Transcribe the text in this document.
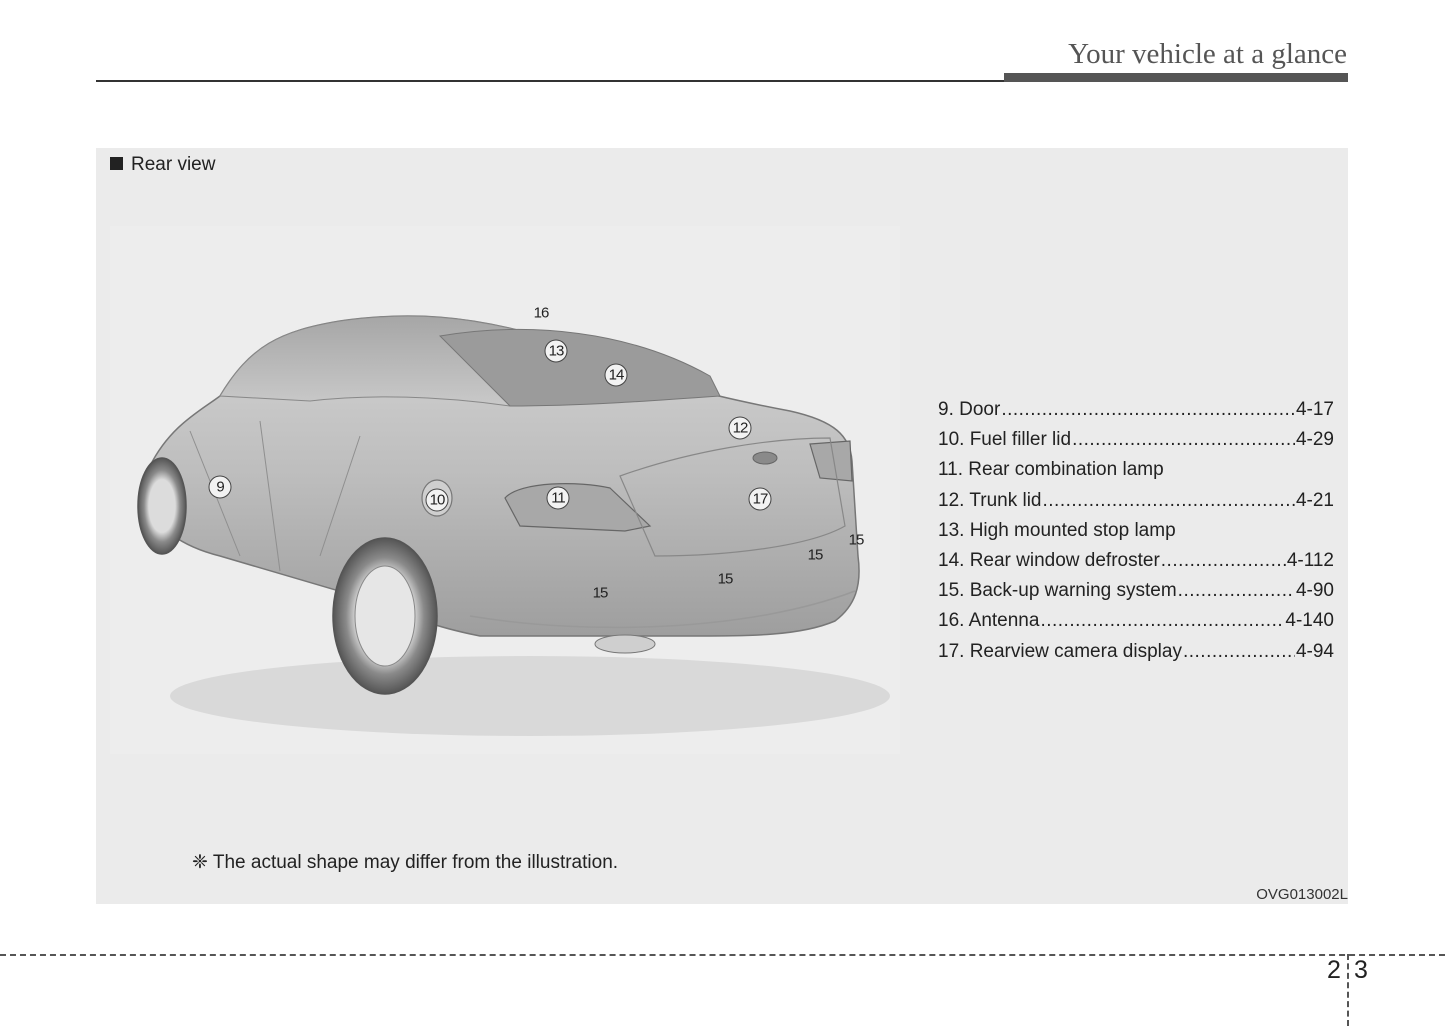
Your vehicle at a glance
Rear view
9
10	11
12
13
14
15
15
15
15
16
17
9. Door .....	4-17
10. Fuel filler lid .....	4-29
11. Rear combination lamp
12. Trunk lid .....	4-21
13. High mounted stop lamp
14. Rear window defroster .....	4-112
15. Back-up warning system .....	4-90
16. Antenna .....	4-140
17. Rearview camera display .....	4-94
❈ The actual shape may differ from the illustration.
OVG013002L
2 3
